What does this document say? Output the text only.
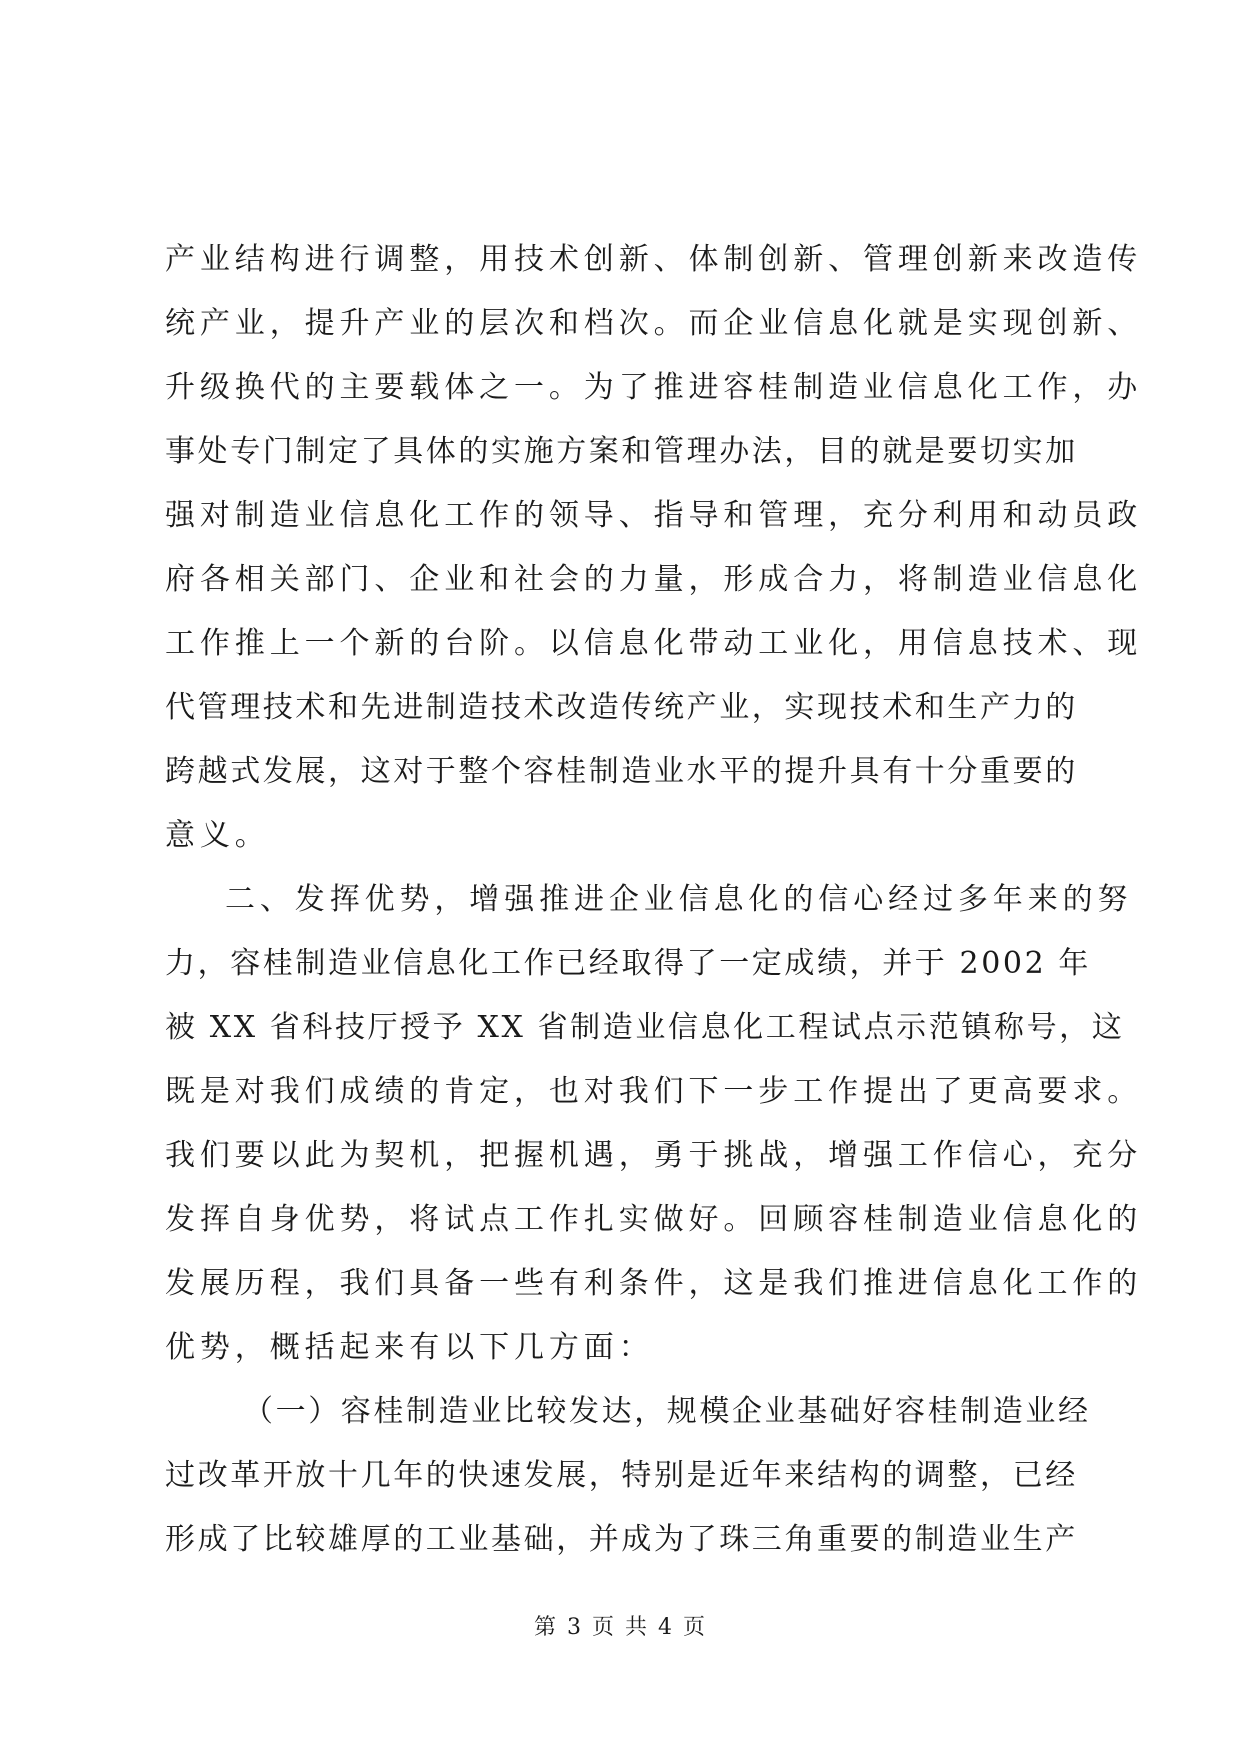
产业结构进行调整，用技术创新、体制创新、管理创新来改造传
统产业，提升产业的层次和档次。而企业信息化就是实现创新、
升级换代的主要载体之一。为了推进容桂制造业信息化工作，办
事处专门制定了具体的实施方案和管理办法，目的就是要切实加
强对制造业信息化工作的领导、指导和管理，充分利用和动员政
府各相关部门、企业和社会的力量，形成合力，将制造业信息化
工作推上一个新的台阶。以信息化带动工业化，用信息技术、现
代管理技术和先进制造技术改造传统产业，实现技术和生产力的
跨越式发展，这对于整个容桂制造业水平的提升具有十分重要的
意义。
二、发挥优势，增强推进企业信息化的信心经过多年来的努
力，容桂制造业信息化工作已经取得了一定成绩，并于 2002 年
被 XX 省科技厅授予 XX 省制造业信息化工程试点示范镇称号，这
既是对我们成绩的肯定，也对我们下一步工作提出了更高要求。
我们要以此为契机，把握机遇，勇于挑战，增强工作信心，充分
发挥自身优势，将试点工作扎实做好。回顾容桂制造业信息化的
发展历程，我们具备一些有利条件，这是我们推进信息化工作的
优势，概括起来有以下几方面：
（一）容桂制造业比较发达，规模企业基础好容桂制造业经
过改革开放十几年的快速发展，特别是近年来结构的调整，已经
形成了比较雄厚的工业基础，并成为了珠三角重要的制造业生产
第 3 页 共 4 页
